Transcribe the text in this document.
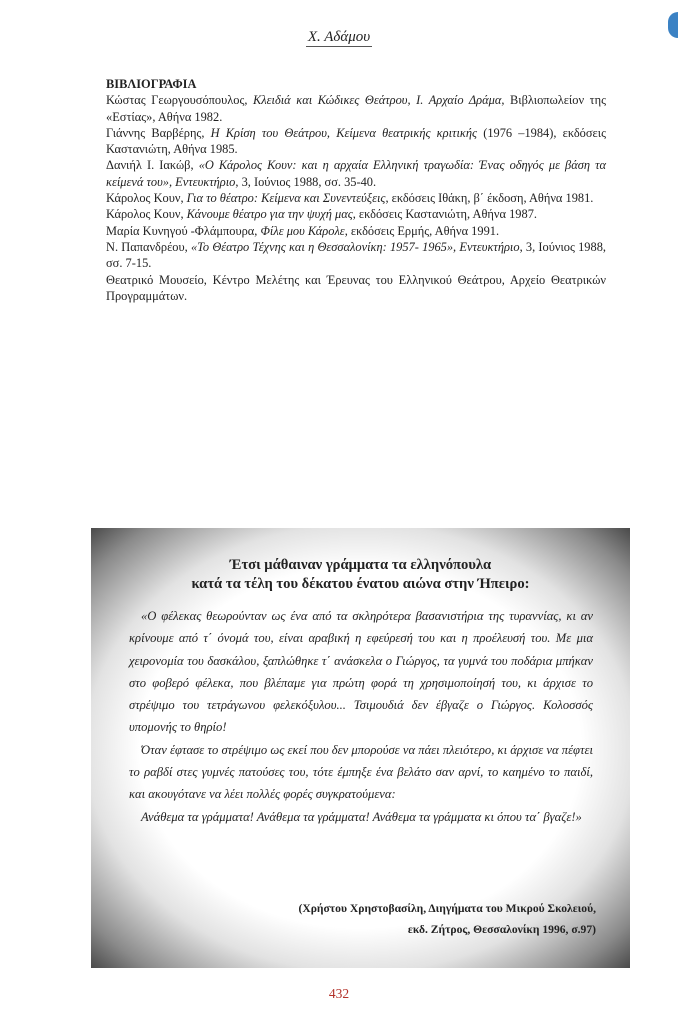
Χ. Αδάμου
ΒΙΒΛΙΟΓΡΑΦΙΑ

Κώστας Γεωργουσόπουλος, Κλειδιά και Κώδικες Θεάτρου, Ι. Αρχαίο Δράμα, Βιβλιοπωλείον της «Εστίας», Αθήνα 1982.

Γιάννης Βαρβέρης, Η Κρίση του Θεάτρου, Κείμενα θεατρικής κριτικής (1976 –1984), εκδόσεις Καστανιώτη, Αθήνα 1985.

Δανιήλ Ι. Ιακώβ, «Ο Κάρολος Κουν: και η αρχαία Ελληνική τραγωδία: Ένας οδηγός με βάση τα κείμενά του», Εντευκτήριο, 3, Ιούνιος 1988, σσ. 35-40.

Κάρολος Κουν, Για το θέατρο: Κείμενα και Συνεντεύξεις, εκδόσεις Ιθάκη, β΄ έκδοση, Αθήνα 1981.

Κάρολος Κουν, Κάνουμε θέατρο για την ψυχή μας, εκδόσεις Καστανιώτη, Αθήνα 1987.

Μαρία Κυνηγού -Φλάμπουρα, Φίλε μου Κάρολε, εκδόσεις Ερμής, Αθήνα 1991.

Ν. Παπανδρέου, «Το Θέατρο Τέχνης και η Θεσσαλονίκη: 1957- 1965», Εντευκτήριο, 3, Ιούνιος 1988, σσ. 7-15.

Θεατρικό Μουσείο, Κέντρο Μελέτης και Έρευνας του Ελληνικού Θεάτρου, Αρχείο Θεατρικών Προγραμμάτων.

Έτσι μάθαιναν γράμματα τα ελληνόπουλα
κατά τα τέλη του δέκατου ένατου αιώνα στην Ήπειρο:

«Ο φέλεκας θεωρούνταν ως ένα από τα σκληρότερα βασανιστήρια της τυραννίας, κι αν κρίνουμε από τ΄ όνομά του, είναι αραβική η εφεύρεσή του και η προέλευσή του. Με μια χειρονομία του δασκάλου, ξαπλώθηκε τ΄ ανάσκελα ο Γιώργος, τα γυμνά του ποδάρια μπήκαν στο φοβερό φέλεκα, που βλέπαμε για πρώτη φορά τη χρησιμοποίησή του, κι άρχισε το στρέψιμο του τετράγωνου φελεκόξυλου... Τσιμουδιά δεν έβγαζε ο Γιώργος. Κολοσσός υπομονής το θηρίο!

Όταν έφτασε το στρέψιμο ως εκεί που δεν μπορούσε να πάει πλειότερο, κι άρχισε να πέφτει το ραβδί στες γυμνές πατούσες του, τότε έμπηξε ένα βελάτο σαν αρνί, το καημένο το παιδί, και ακουγότανε να λέει πολλές φορές συγκρατούμενα:

Ανάθεμα τα γράμματα! Ανάθεμα τα γράμματα! Ανάθεμα τα γράμματα κι όπου τα΄ βγαζε!»

(Χρήστου Χρηστοβασίλη, Διηγήματα του Μικρού Σκολειού,
εκδ. Ζήτρος, Θεσσαλονίκη 1996, σ.97)
432
